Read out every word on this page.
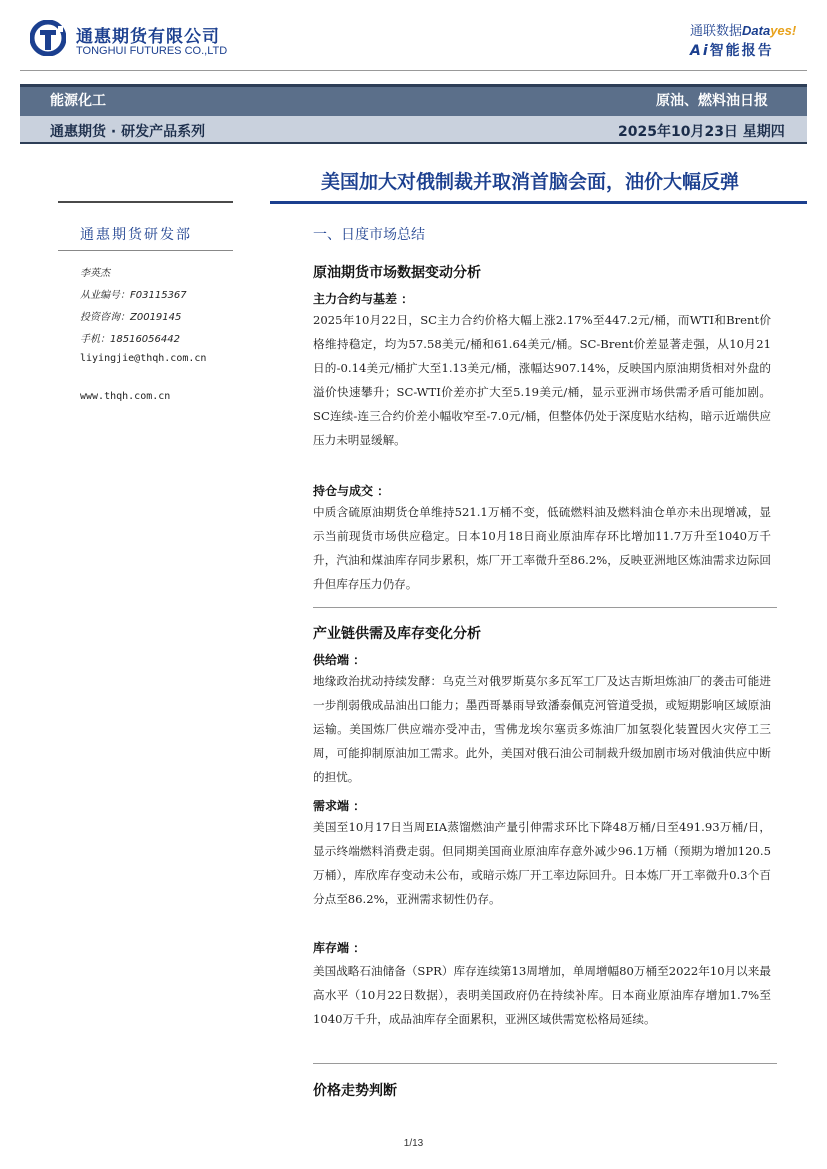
通惠期货有限公司
TONGHUI FUTURES CO.,LTD
通联数据Datayes!
Ai智能报告
能源化工	原油、燃料油日报
通惠期货 · 研发产品系列	2025年10月23日 星期四
美国加大对俄制裁并取消首脑会面，油价大幅反弹
通惠期货研发部
李英杰
从业编号：F03115367
投资咨询：Z0019145
手机：18516056442
liyingjie@thqh.com.cn
www.thqh.com.cn
一、日度市场总结
原油期货市场数据变动分析
主力合约与基差 ：
2025年10月22日，SC主力合约价格大幅上涨2.17%至447.2元/桶，而WTI和Brent价格维持稳定，均为57.58美元/桶和61.64美元/桶。SC-Brent价差显著走强，从10月21日的-0.14美元/桶扩大至1.13美元/桶，涨幅达907.14%，反映国内原油期货相对外盘的溢价快速攀升；SC-WTI价差亦扩大至5.19美元/桶，显示亚洲市场供需矛盾可能加剧。SC连续-连三合约价差小幅收窄至-7.0元/桶，但整体仍处于深度贴水结构，暗示近端供应压力未明显缓解。
持仓与成交 ：
中质含硫原油期货仓单维持521.1万桶不变，低硫燃料油及燃料油仓单亦未出现增减，显示当前现货市场供应稳定。日本10月18日商业原油库存环比增加11.7万升至1040万千升，汽油和煤油库存同步累积，炼厂开工率微升至86.2%，反映亚洲地区炼油需求边际回升但库存压力仍存。
产业链供需及库存变化分析
供给端 ：
地缘政治扰动持续发酵：乌克兰对俄罗斯莫尔多瓦军工厂及达吉斯坦炼油厂的袭击可能进一步削弱俄成品油出口能力；墨西哥暴雨导致潘泰佩克河管道受损，或短期影响区域原油运输。美国炼厂供应端亦受冲击，雪佛龙埃尔塞贡多炼油厂加氢裂化装置因火灾停工三周，可能抑制原油加工需求。此外，美国对俄石油公司制裁升级加剧市场对俄油供应中断的担忧。
需求端 ：
美国至10月17日当周EIA蒸馏燃油产量引伸需求环比下降48万桶/日至491.93万桶/日，显示终端燃料消费走弱。但同期美国商业原油库存意外减少96.1万桶（预期为增加120.5万桶），库欣库存变动未公布，或暗示炼厂开工率边际回升。日本炼厂开工率微升0.3个百分点至86.2%，亚洲需求韧性仍存。
库存端 ：
美国战略石油储备（SPR）库存连续第13周增加，单周增幅80万桶至2022年10月以来最高水平（10月22日数据），表明美国政府仍在持续补库。日本商业原油库存增加1.7%至1040万千升，成品油库存全面累积，亚洲区域供需宽松格局延续。
价格走势判断
1/13
